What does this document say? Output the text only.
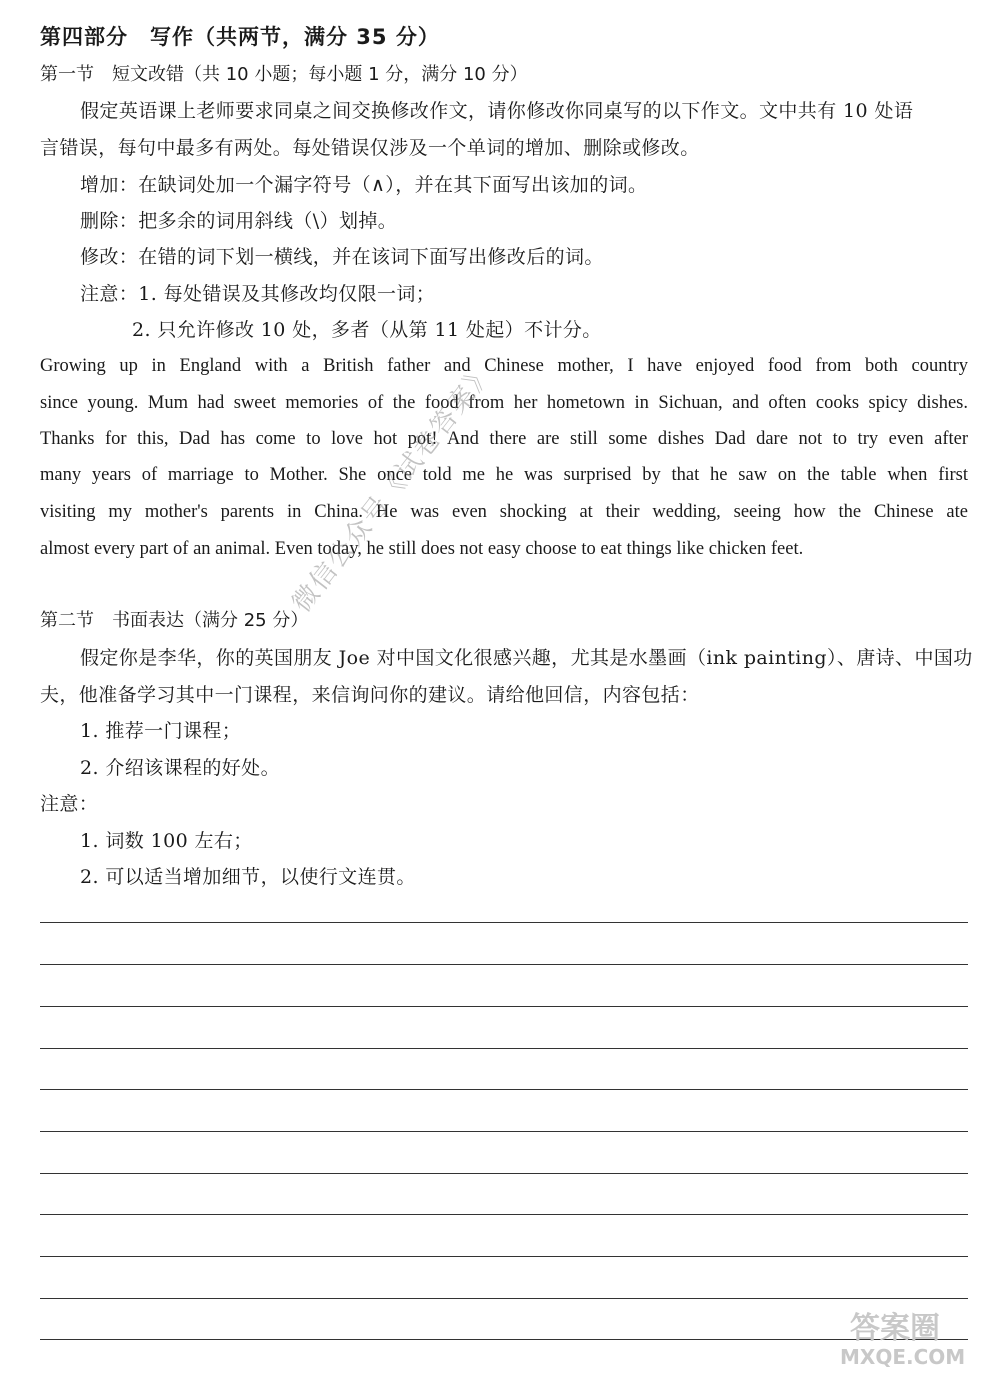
第四部分　写作（共两节，满分 35 分）
第一节　短文改错（共 10 小题；每小题 1 分，满分 10 分）
假定英语课上老师要求同桌之间交换修改作文，请你修改你同桌写的以下作文。文中共有 10 处语
言错误，每句中最多有两处。每处错误仅涉及一个单词的增加、删除或修改。
增加：在缺词处加一个漏字符号（∧），并在其下面写出该加的词。
删除：把多余的词用斜线（\）划掉。
修改：在错的词下划一横线，并在该词下面写出修改后的词。
注意：1. 每处错误及其修改均仅限一词；
2. 只允许修改 10 处，多者（从第 11 处起）不计分。
Growing up in England with a British father and Chinese mother, I have enjoyed food from both country
since young. Mum had sweet memories of the food from her hometown in Sichuan, and often cooks spicy dishes.
Thanks for this, Dad has come to love hot pot! And there are still some dishes Dad dare not to try even after
many years of marriage to Mother. She once told me he was surprised by that he saw on the table when first
visiting my mother's parents in China. He was even shocking at their wedding, seeing how the Chinese ate
almost every part of an animal. Even today, he still does not easy choose to eat things like chicken feet.
第二节　书面表达（满分 25 分）
假定你是李华，你的英国朋友 Joe 对中国文化很感兴趣，尤其是水墨画（ink painting）、唐诗、中国功
夫，他准备学习其中一门课程，来信询问你的建议。请给他回信，内容包括：
1. 推荐一门课程；
2. 介绍该课程的好处。
注意：
1. 词数 100 左右；
2. 可以适当增加细节，以使行文连贯。
微信公众号《试卷答案》
答案圈
MXQE.COM
